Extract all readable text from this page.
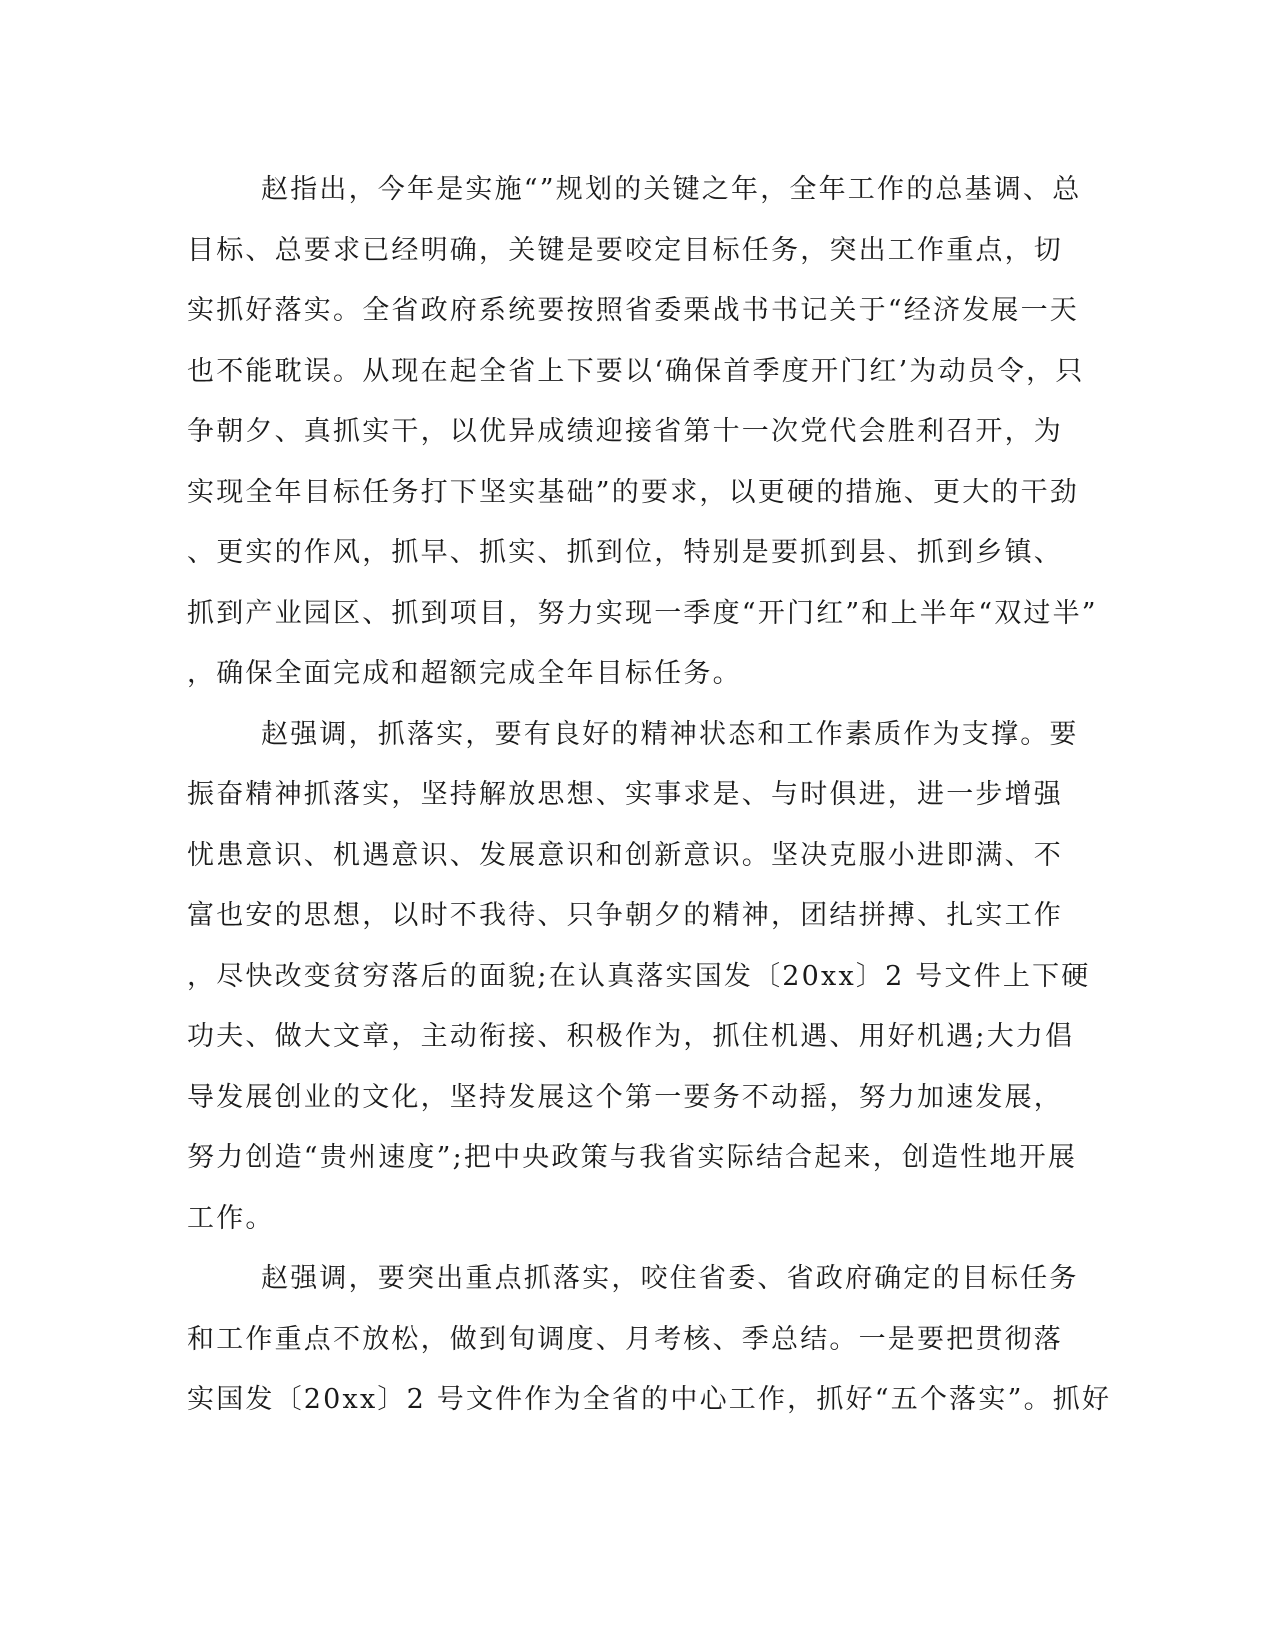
赵指出，今年是实施“”规划的关键之年，全年工作的总基调、总
目标、总要求已经明确，关键是要咬定目标任务，突出工作重点，切
实抓好落实。全省政府系统要按照省委栗战书书记关于“经济发展一天
也不能耽误。从现在起全省上下要以‘确保首季度开门红’为动员令，只
争朝夕、真抓实干，以优异成绩迎接省第十一次党代会胜利召开，为
实现全年目标任务打下坚实基础”的要求，以更硬的措施、更大的干劲
、更实的作风，抓早、抓实、抓到位，特别是要抓到县、抓到乡镇、
抓到产业园区、抓到项目，努力实现一季度“开门红”和上半年“双过半”
，确保全面完成和超额完成全年目标任务。
赵强调，抓落实，要有良好的精神状态和工作素质作为支撑。要
振奋精神抓落实，坚持解放思想、实事求是、与时俱进，进一步增强
忧患意识、机遇意识、发展意识和创新意识。坚决克服小进即满、不
富也安的思想，以时不我待、只争朝夕的精神，团结拼搏、扎实工作
，尽快改变贫穷落后的面貌;在认真落实国发〔20xx〕2 号文件上下硬
功夫、做大文章，主动衔接、积极作为，抓住机遇、用好机遇;大力倡
导发展创业的文化，坚持发展这个第一要务不动摇，努力加速发展，
努力创造“贵州速度”;把中央政策与我省实际结合起来，创造性地开展
工作。
赵强调，要突出重点抓落实，咬住省委、省政府确定的目标任务
和工作重点不放松，做到旬调度、月考核、季总结。一是要把贯彻落
实国发〔20xx〕2 号文件作为全省的中心工作，抓好“五个落实”。抓好
